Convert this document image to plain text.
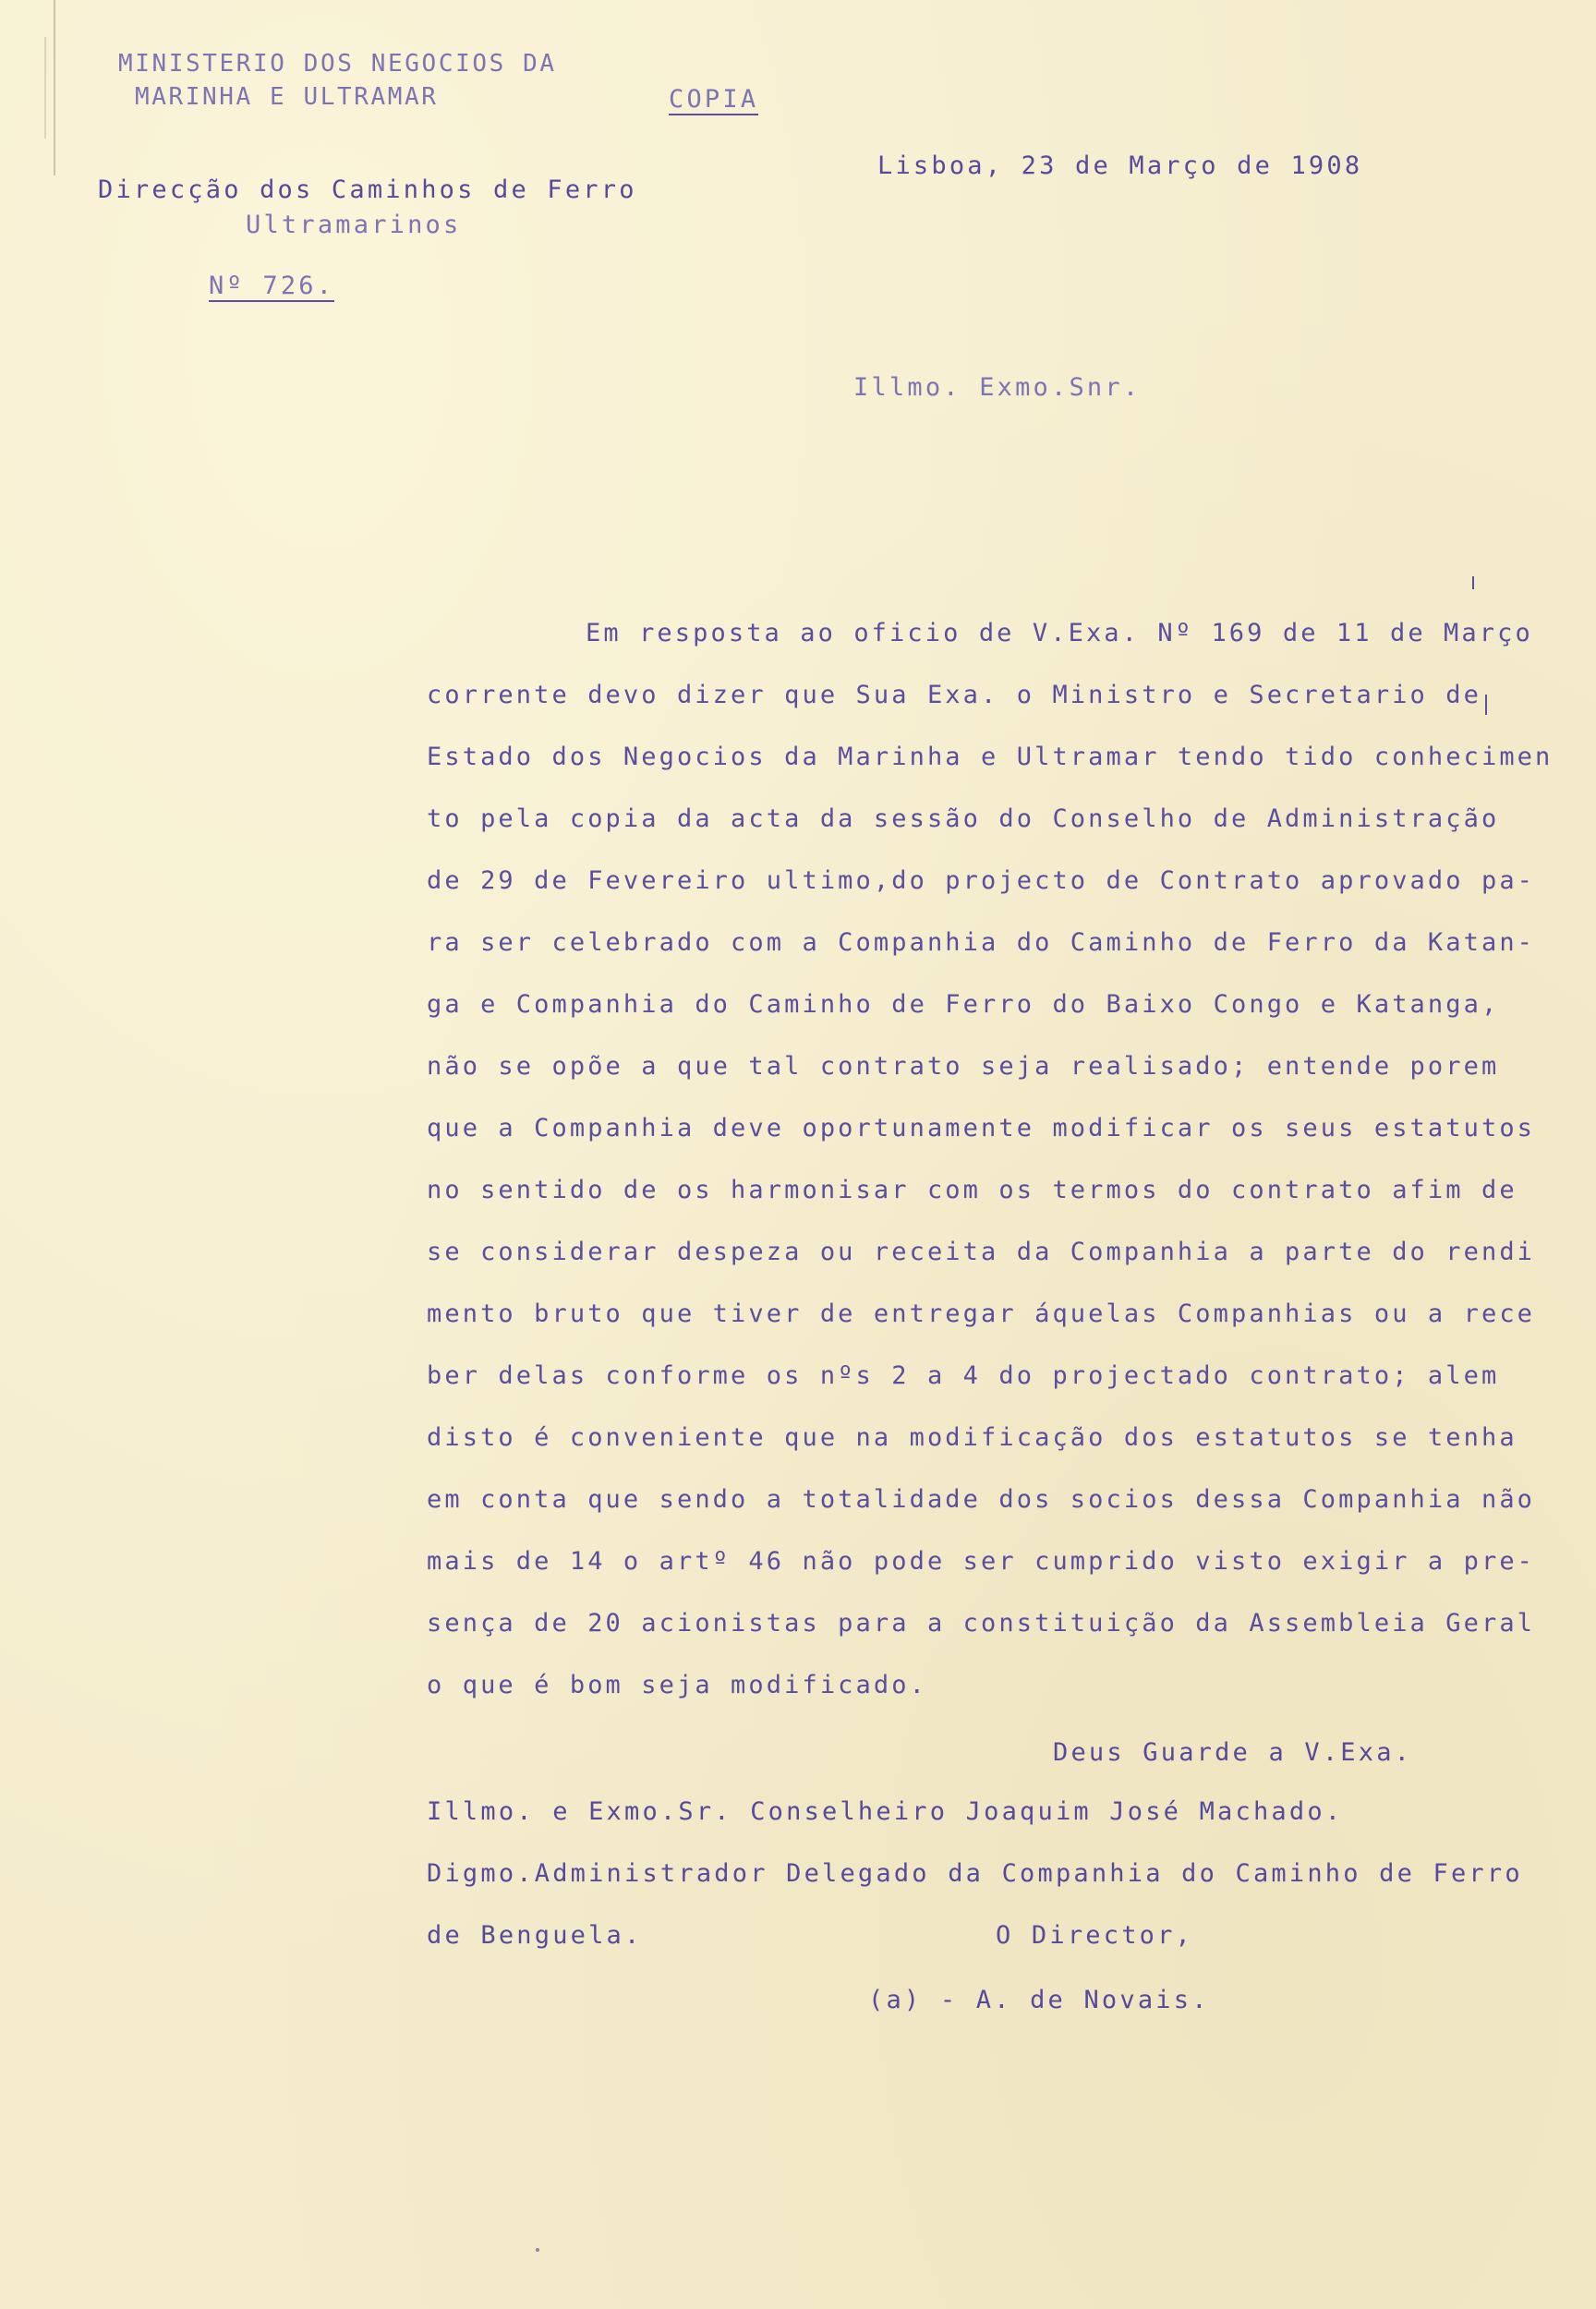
MINISTERIO DOS NEGOCIOS DA
MARINHA E ULTRAMAR	COPIA
Direcção dos Caminhos de Ferro
Ultramarinos
Nº 726.
Lisboa, 23 de Março de 1908
Illmo. Exmo.Snr.
Em resposta ao oficio de V.Exa. Nº 169 de 11 de Março
corrente devo dizer que Sua Exa. o Ministro e Secretario de
Estado dos Negocios da Marinha e Ultramar tendo tido conhecimen
to pela copia da acta da sessão do Conselho de Administração
de 29 de Fevereiro ultimo,do projecto de Contrato aprovado pa-
ra ser celebrado com a Companhia do Caminho de Ferro da Katan-
ga e Companhia do Caminho de Ferro do Baixo Congo e Katanga,
não se opõe a que tal contrato seja realisado; entende porem
que a Companhia deve oportunamente modificar os seus estatutos
no sentido de os harmonisar com os termos do contrato afim de
se considerar despeza ou receita da Companhia a parte do rendi
mento bruto que tiver de entregar áquelas Companhias ou a rece
ber delas conforme os nºs 2 a 4 do projectado contrato; alem
disto é conveniente que na modificação dos estatutos se tenha
em conta que sendo a totalidade dos socios dessa Companhia não
mais de 14 o artº 46 não pode ser cumprido visto exigir a pre-
sença de 20 acionistas para a constituição da Assembleia Geral
o que é bom seja modificado.
Deus Guarde a V.Exa.
Illmo. e Exmo.Sr. Conselheiro Joaquim José Machado.
Digmo.Administrador Delegado da Companhia do Caminho de Ferro
de Benguela.	O Director,
(a) - A. de Novais.
